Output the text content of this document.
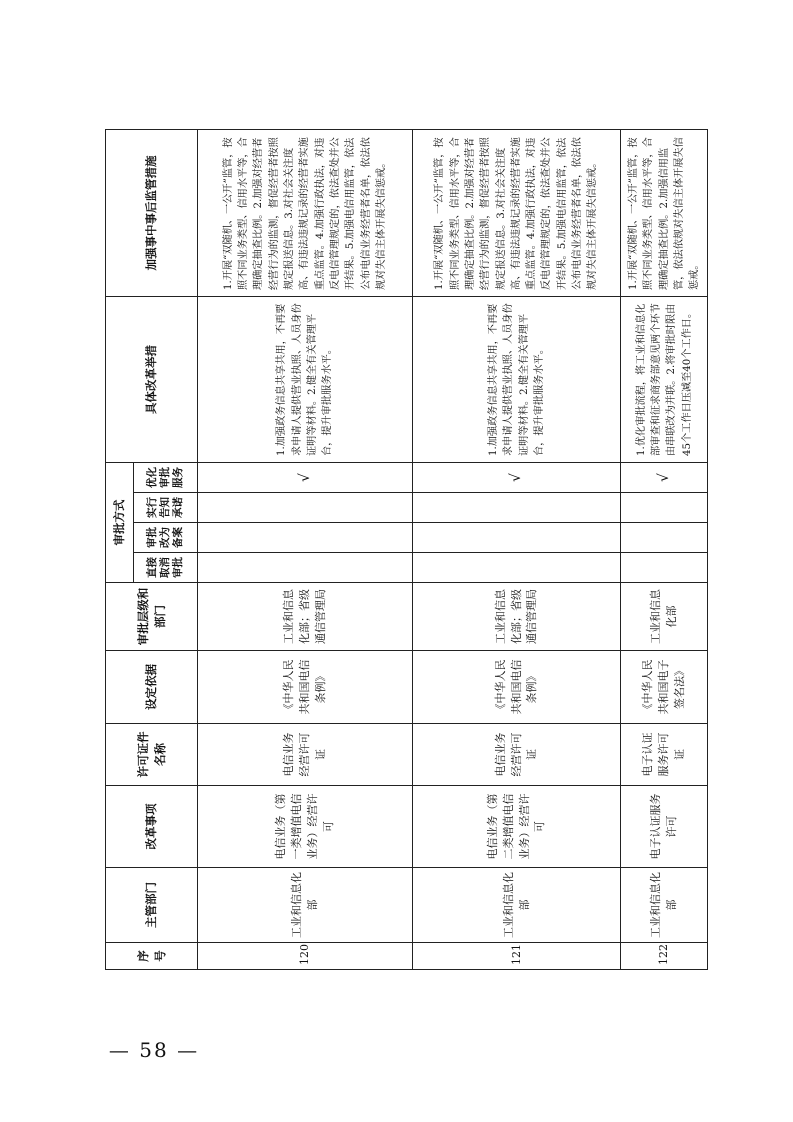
序号	主管部门	改革事项	许可证件名称	设定依据	审批层级和部门	审批方式				具体改革举措	加强事中事后监管措施
						直接取消审批	审批改为备案	实行告知承诺	优化审批服务		
120	工业和信息化部	电信业务（第一类增值电信业务）经营许可	电信业务经营许可证	《中华人民共和国电信条例》	工业和信息化部；省级通信管理局				√	1.加强政务信息共享共用，不再要求申请人提供营业执照、人员身份证明等材料。2.健全有关管理平台，提升审批服务水平。	1.开展“双随机、一公开”监管，按照不同业务类型、信用水平等，合理确定抽查比例。2.加强对经营者经营行为的监测，督促经营者按照规定报送信息。3.对社会关注度高、有违法违规记录的经营者实施重点监管。4.加强行政执法，对违反电信管理规定的，依法查处并公开结果。5.加强电信用监管，依法公布电信业务经营者名单，依法依规对失信主体开展失信惩戒。
121	工业和信息化部	电信业务（第二类增值电信业务）经营许可	电信业务经营许可证	《中华人民共和国电信条例》	工业和信息化部；省级通信管理局				√	1.加强政务信息共享共用，不再要求申请人提供营业执照、人员身份证明等材料。2.健全有关管理平台，提升审批服务水平。	1.开展“双随机、一公开”监管，按照不同业务类型、信用水平等，合理确定抽查比例。2.加强对经营者经营行为的监测，督促经营者按照规定报送信息。3.对社会关注度高、有违法违规记录的经营者实施重点监管。4.加强行政执法，对违反电信管理规定的，依法查处并公开结果。5.加强电信用监管，依法公布电信业务经营者名单，依法依规对失信主体开展失信惩戒。
122	工业和信息化部	电子认证服务许可	电子认证服务许可证	《中华人民共和国电子签名法》	工业和信息化部				√	1.优化审批流程，将工业和信息化部审查和征求商务部意见两个环节由串联改为并联。2.将审批时限由45个工作日压减至40个工作日。	1.开展“双随机、一公开”监管，按照不同业务类型、信用水平等，合理确定抽查比例。2.加强信用监管，依法依规对失信主体开展失信惩戒。
— 58 —
